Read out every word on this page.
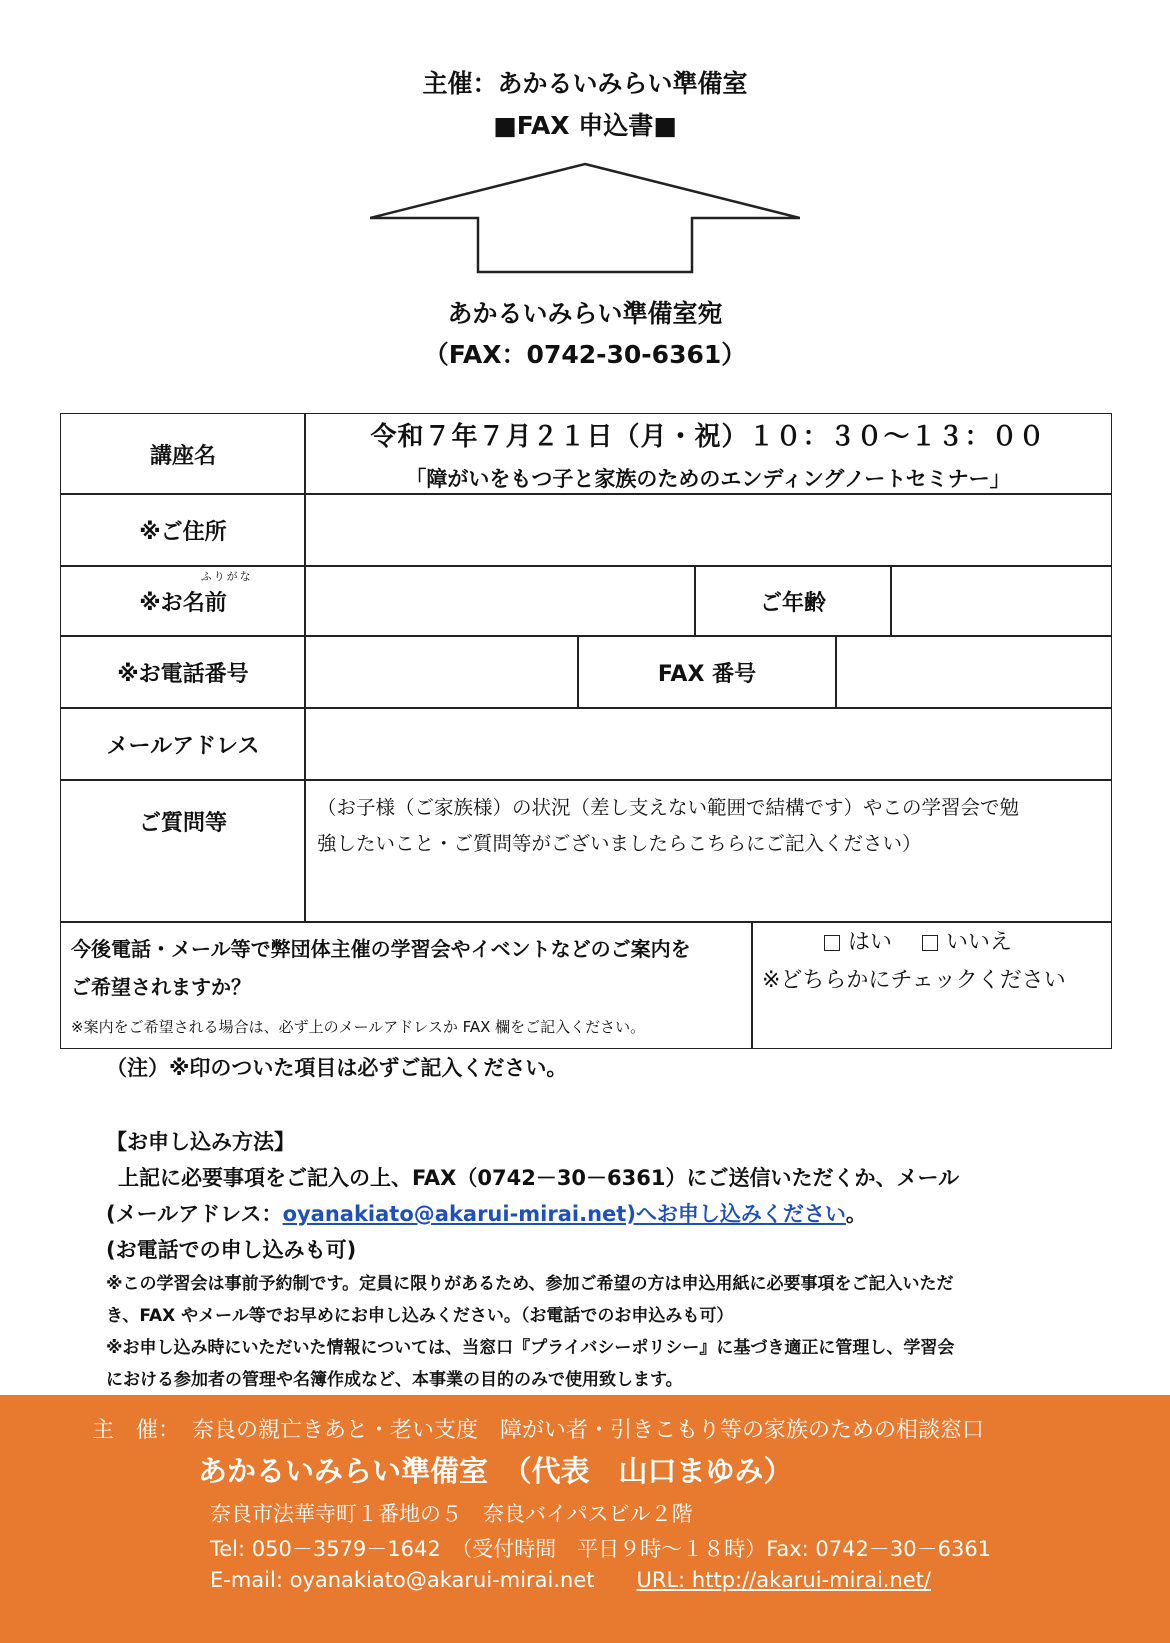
主催：あかるいみらい準備室
■FAX 申込書■
あかるいみらい準備室宛
（FAX：0742-30-6361）
講座名
令和７年７月２１日（月・祝）１０：３０〜１３：００
「障がいをもつ子と家族のためのエンディングノートセミナー」
※ご住所
※お
ふりがな
名前	ご年齢
※お電話番号	FAX 番号
メールアドレス
ご質問等
（お子様（ご家族様）の状況（差し支えない範囲で結構です）やこの学習会で勉
強したいこと・ご質問等がございましたらこちらにご記入ください）
今後電話・メール等で弊団体主催の学習会やイベントなどのご案内を
ご希望されますか？
※案内をご希望される場合は、必ず上のメールアドレスか FAX 欄をご記入ください。
はい いいえ
※どちらかにチェックください
（注）※印のついた項目は必ずご記入ください。

【お申し込み方法】

上記に必要事項をご記入の上、FAX（0742－30－6361）にご送信いただくか、メール

(メールアドレス：oyanakiato@akarui-mirai.net)へお申し込みください。

(お電話での申し込みも可)

※この学習会は事前予約制です。定員に限りがあるため、参加ご希望の方は申込用紙に必要事項をご記入いただ

き、FAX やメール等でお早めにお申し込みください。（お電話でのお申込みも可）

※お申し込み時にいただいた情報については、当窓口『プライバシーポリシー』に基づき適正に管理し、学習会

における参加者の管理や名簿作成など、本事業の目的のみで使用致します。

主　催： 奈良の親亡きあと・老い支度　障がい者・引きこもり等の家族のための相談窓口
あかるいみらい準備室　（代表　山口まゆみ）
奈良市法華寺町１番地の５　奈良バイパスビル２階
Tel: 050－3579－1642　（受付時間　平日９時〜１８時）Fax: 0742－30－6361
E-mail: oyanakiato@akarui-mirai.net URL: http://akarui-mirai.net/
